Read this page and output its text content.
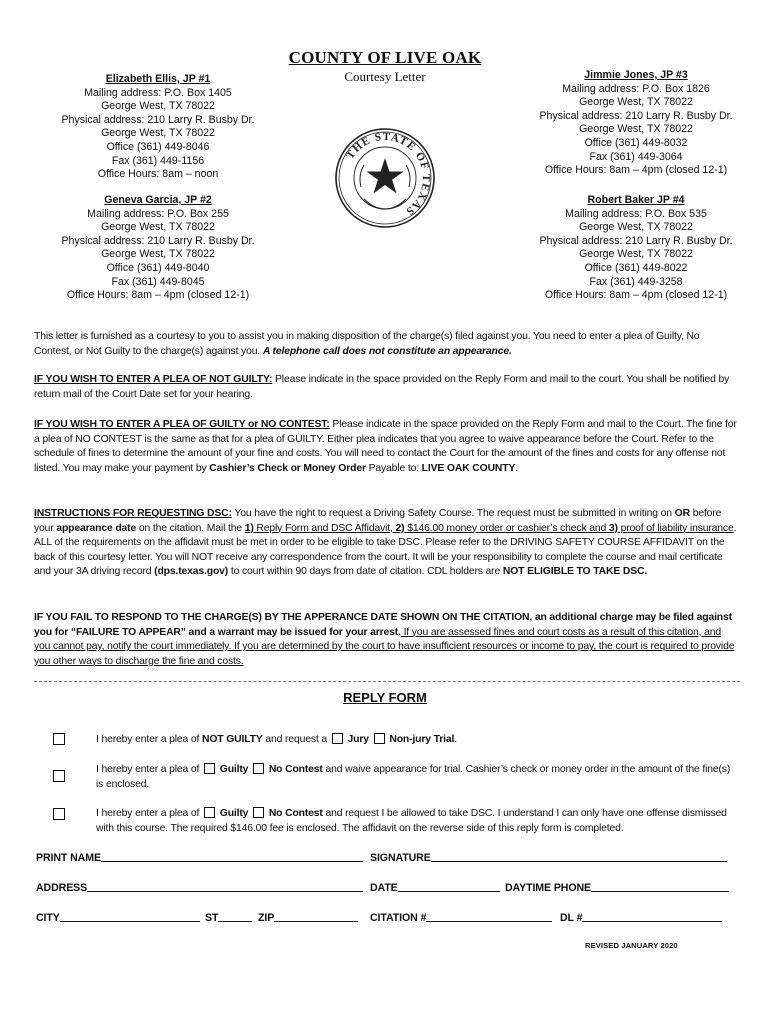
COUNTY OF LIVE OAK
Courtesy Letter
THE STATE OF TEXAS
Elizabeth Ellis, JP #1
Mailing address: P.O. Box 1405
George West, TX 78022
Physical address: 210 Larry R. Busby Dr.
George West, TX 78022
Office (361) 449-8046
Fax (361) 449-1156
Office Hours: 8am – noon
Jimmie Jones, JP #3
Mailing address: P.O. Box 1826
George West, TX 78022
Physical address: 210 Larry R. Busby Dr.
George West, TX 78022
Office (361) 449-8032
Fax (361) 449-3064
Office Hours: 8am – 4pm (closed 12-1)
Geneva Garcia, JP #2
Mailing address: P.O. Box 255
George West, TX 78022
Physical address: 210 Larry R. Busby Dr.
George West, TX 78022
Office (361) 449-8040
Fax (361) 449-8045
Office Hours: 8am – 4pm (closed 12-1)
Robert Baker JP #4
Mailing address: P.O. Box 535
George West, TX 78022
Physical address: 210 Larry R. Busby Dr.
George West, TX 78022
Office (361) 449-8022
Fax (361) 449-3258
Office Hours: 8am – 4pm (closed 12-1)
This letter is furnished as a courtesy to you to assist you in making disposition of the charge(s) filed against you. You need to enter a plea of Guilty, No Contest, or Not Guilty to the charge(s) against you. A telephone call does not constitute an appearance.
IF YOU WISH TO ENTER A PLEA OF NOT GUILTY: Please indicate in the space provided on the Reply Form and mail to the court. You shall be notified by return mail of the Court Date set for your hearing.
IF YOU WISH TO ENTER A PLEA OF GUILTY or NO CONTEST: Please indicate in the space provided on the Reply Form and mail to the Court. The fine for a plea of NO CONTEST is the same as that for a plea of GUILTY. Either plea indicates that you agree to waive appearance before the Court. Refer to the schedule of fines to determine the amount of your fine and costs. You will need to contact the Court for the amount of the fines and costs for any offense not listed. You may make your payment by Cashier’s Check or Money Order Payable to: LIVE OAK COUNTY.
INSTRUCTIONS FOR REQUESTING DSC: You have the right to request a Driving Safety Course. The request must be submitted in writing on OR before your appearance date on the citation. Mail the 1) Reply Form and DSC Affidavit, 2) $146.00 money order or cashier’s check and 3) proof of liability insurance. ALL of the requirements on the affidavit must be met in order to be eligible to take DSC. Please refer to the DRIVING SAFETY COURSE AFFIDAVIT on the back of this courtesy letter. You will NOT receive any correspondence from the court. It will be your responsibility to complete the course and mail certificate and your 3A driving record (dps.texas.gov) to court within 90 days from date of citation. CDL holders are NOT ELIGIBLE TO TAKE DSC.
IF YOU FAIL TO RESPOND TO THE CHARGE(S) BY THE APPERANCE DATE SHOWN ON THE CITATION, an additional charge may be filed against you for “FAILURE TO APPEAR” and a warrant may be issued for your arrest. If you are assessed fines and court costs as a result of this citation, and you cannot pay, notify the court immediately. If you are determined by the court to have insufficient resources or income to pay, the court is required to provide you other ways to discharge the fine and costs.
REPLY FORM
I hereby enter a plea of NOT GUILTY and request a  Jury Non-jury Trial.
I hereby enter a plea of  Guilty No Contest and waive appearance for trial. Cashier’s check or money order in the amount of the fine(s) is enclosed.
I hereby enter a plea of  Guilty No Contest and request I be allowed to take DSC. I understand I can only have one offense dismissed with this course. The required $146.00 fee is enclosed. The affidavit on the reverse side of this reply form is completed.
PRINT NAME	SIGNATURE
ADDRESS	DATE	DAYTIME PHONE
CITY	ST	ZIP	CITATION #	DL #
REVISED JANUARY 2020
